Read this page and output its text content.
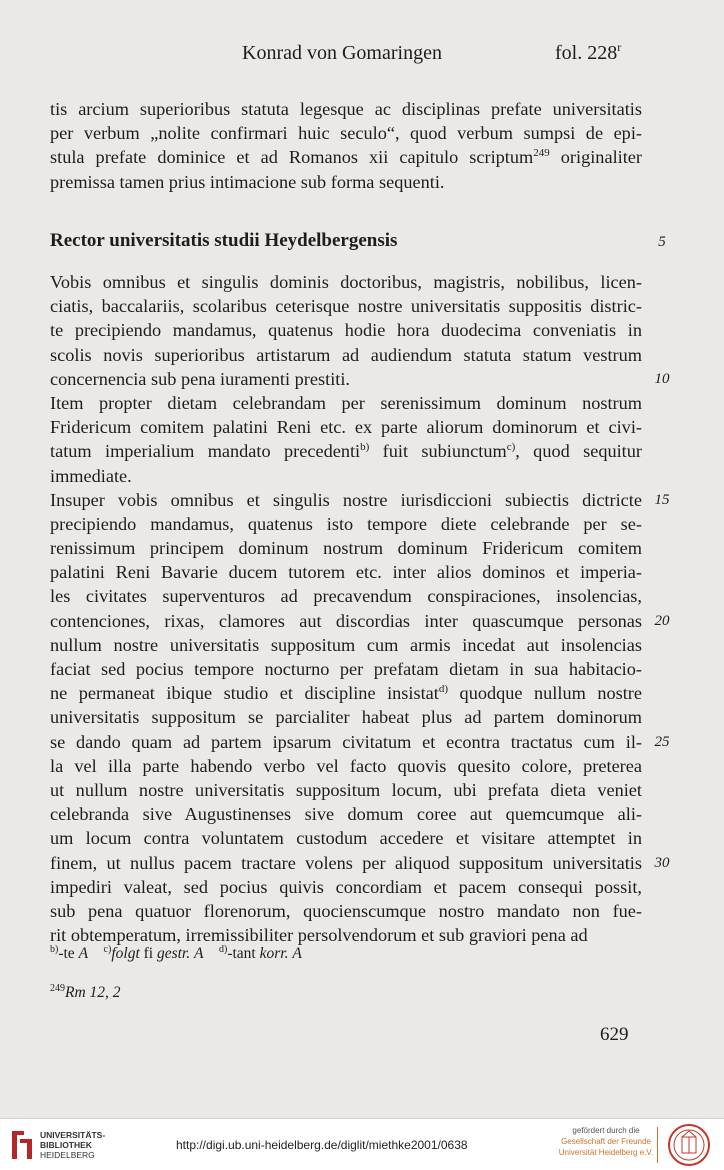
Konrad von Gomaringen	fol. 228$^r$
tis arcium superioribus statuta legesque ac disciplinas prefate universitatis
per verbum „nolite confirmari huic seculo“, quod verbum sumpsi de epi-
stula prefate dominice et ad Romanos xii capitulo scriptum$^{249}$ originaliter
premissa tamen prius intimacione sub forma sequenti.
Rector universitatis studii Heydelbergensis
Vobis omnibus et singulis dominis doctoribus, magistris, nobilibus, licen-
ciatis, baccalariis, scolaribus ceterisque nostre universitatis suppositis distric-
te precipiendo mandamus, quatenus hodie hora duodecima conveniatis in
scolis novis superioribus artistarum ad audiendum statuta statum vestrum
concernencia sub pena iuramenti prestiti.
Item propter dietam celebrandam per serenissimum dominum nostrum
Fridericum comitem palatini Reni etc. ex parte aliorum dominorum et civi-
tatum imperialium mandato precedenti$^{b)}$ fuit subiunctum$^{c)}$, quod sequitur
immediate.
Insuper vobis omnibus et singulis nostre iurisdiccioni subiectis dictricte
precipiendo mandamus, quatenus isto tempore diete celebrande per se-
renissimum principem dominum nostrum dominum Fridericum comitem
palatini Reni Bavarie ducem tutorem etc. inter alios dominos et imperia-
les civitates superventuros ad precavendum conspiraciones, insolencias,
contenciones, rixas, clamores aut discordias inter quascumque personas
nullum nostre universitatis suppositum cum armis incedat aut insolencias
faciat sed pocius tempore nocturno per prefatam dietam in sua habitacio-
ne permaneat ibique studio et discipline insistat$^{d)}$ quodque nullum nostre
universitatis suppositum se parcialiter habeat plus ad partem dominorum
se dando quam ad partem ipsarum civitatum et econtra tractatus cum il-
la vel illa parte habendo verbo vel facto quovis quesito colore, preterea
ut nullum nostre universitatis suppositum locum, ubi prefata dieta veniet
celebranda sive Augustinenses sive domum coree aut quemcumque ali-
um locum contra voluntatem custodum accedere et visitare attemptet in
finem, ut nullus pacem tractare volens per aliquod suppositum universitatis
impediri valeat, sed pocius quivis concordiam et pacem consequi possit,
sub pena quatuor florenorum, quocienscumque nostro mandato non fue-
rit obtemperatum, irremissibiliter persolvendorum et sub graviori pena ad
5
10
15
20
25
30
$^{b)}$-te A $^{c)}$folgt fi gestr. A $^{d)}$-tant korr. A
$^{249}$Rm 12, 2
629
UNIVERSITÄTS-
BIBLIOTHEK
HEIDELBERG
http://digi.ub.uni-heidelberg.de/diglit/miethke2001/0638
gefördert durch die
Gesellschaft der Freunde
Universität Heidelberg e.V.
